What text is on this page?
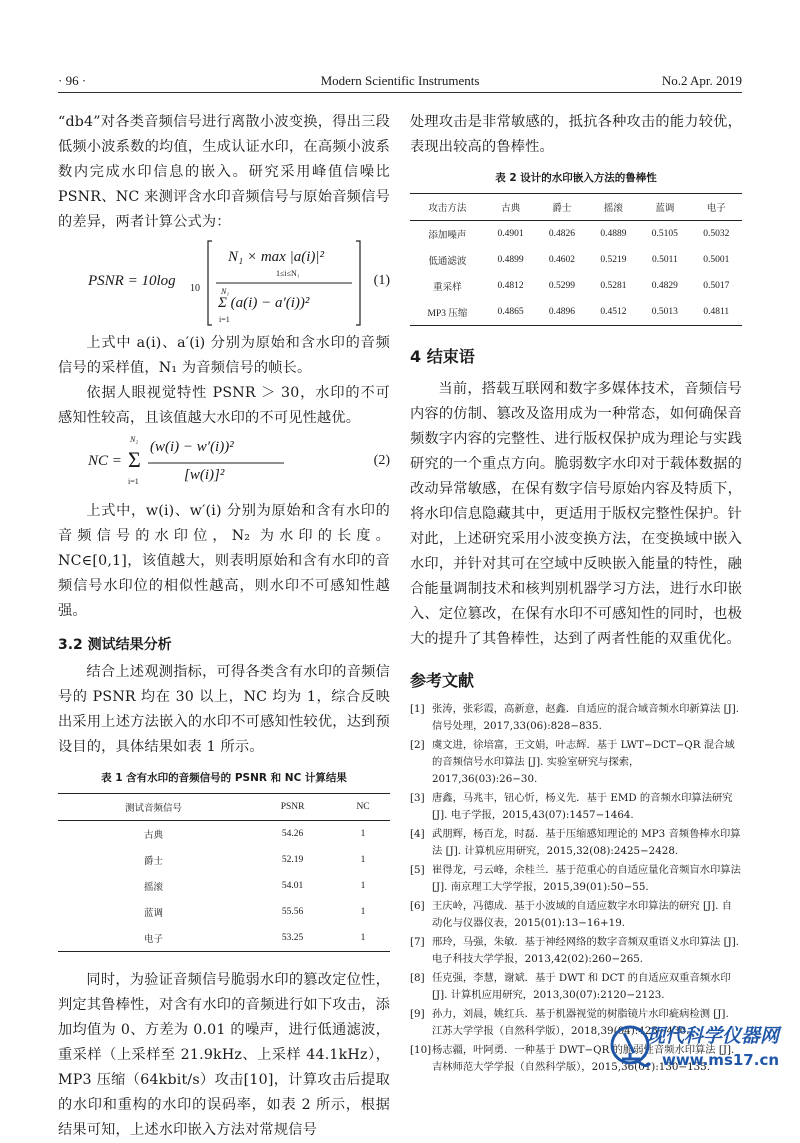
· 96 ·	Modern Scientific Instruments	No.2 Apr. 2019

“db4”对各类音频信号进行离散小波变换，得出三段低频小波系数的均值，生成认证水印，在高频小波系数内完成水印信息的嵌入。研究采用峰值信噪比 PSNR、NC 来测评含水印音频信号与原始音频信号的差异，两者计算公式为：

PSNR = 10log 10
N₁ × max |a(i)|²
1≤i≤N₁
Σ (a(i) − a′(i))²
N₁
i=1
(1)

上式中 a(i)、a′(i) 分别为原始和含水印的音频信号的采样值，N₁ 为音频信号的帧长。

依据人眼视觉特性 PSNR ＞ 30，水印的不可感知性较高，且该值越大水印的不可见性越优。

NC = Σ
N₂
i=1
(w(i) − w′(i))²
[w(i)]²
(2)

上式中，w(i)、w′(i) 分别为原始和含有水印的音频信号的水印位，N₂ 为水印的长度。NC∈[0,1]，该值越大，则表明原始和含有水印的音频信号水印位的相似性越高，则水印不可感知性越强。

3.2 测试结果分析

结合上述观测指标，可得各类含有水印的音频信号的 PSNR 均在 30 以上，NC 均为 1，综合反映出采用上述方法嵌入的水印不可感知性较优，达到预设目的，具体结果如表 1 所示。

表 1 含有水印的音频信号的 PSNR 和 NC 计算结果
测试音频信号	PSNR	NC
古典	54.26	1
爵士	52.19	1
摇滚	54.01	1
蓝调	55.56	1
电子	53.25	1

同时，为验证音频信号脆弱水印的篡改定位性，判定其鲁棒性，对含有水印的音频进行如下攻击，添加均值为 0、方差为 0.01 的噪声，进行低通滤波，重采样（上采样至 21.9kHz、上采样 44.1kHz），MP3 压缩（64kbit/s）攻击[10]，计算攻击后提取的水印和重构的水印的误码率，如表 2 所示，根据结果可知，上述水印嵌入方法对常规信号

处理攻击是非常敏感的，抵抗各种攻击的能力较优，表现出较高的鲁棒性。

表 2 设计的水印嵌入方法的鲁棒性
攻击方法	古典	爵士	摇滚	蓝调	电子
添加噪声	0.4901	0.4826	0.4889	0.5105	0.5032
低通滤波	0.4899	0.4602	0.5219	0.5011	0.5001
重采样	0.4812	0.5299	0.5281	0.4829	0.5017
MP3 压缩	0.4865	0.4896	0.4512	0.5013	0.4811
4 结束语

当前，搭载互联网和数字多媒体技术，音频信号内容的仿制、篡改及盗用成为一种常态，如何确保音频数字内容的完整性、进行版权保护成为理论与实践研究的一个重点方向。脆弱数字水印对于载体数据的改动异常敏感，在保有数字信号原始内容及特质下，将水印信息隐藏其中，更适用于版权完整性保护。针对此，上述研究采用小波变换方法，在变换域中嵌入水印，并针对其可在空域中反映嵌入能量的特性，融合能量调制技术和核判别机器学习方法，进行水印嵌入、定位篡改，在保有水印不可感知性的同时，也极大的提升了其鲁棒性，达到了两者性能的双重优化。

参考文献
[1] 张涛，张彩霞，高新意，赵鑫．自适应的混合域音频水印新算法 [J]. 信号处理，2017,33(06):828−835.
[2] 虞文进，徐培富，王文娟，叶志辉．基于 LWT−DCT−QR 混合域的音频信号水印算法 [J]. 实验室研究与探索，2017,36(03):26−30.
[3] 唐鑫，马兆丰，钮心忻，杨义先．基于 EMD 的音频水印算法研究 [J]. 电子学报，2015,43(07):1457−1464.
[4] 武朋辉，杨百龙，时磊．基于压缩感知理论的 MP3 音频鲁棒水印算法 [J]. 计算机应用研究，2015,32(08):2425−2428.
[5] 崔得龙，弓云峰，余桂兰．基于范重心的自适应量化音频盲水印算法 [J]. 南京理工大学学报，2015,39(01):50−55.
[6] 王庆岭，冯德成．基于小波域的自适应数字水印算法的研究 [J]. 自动化与仪器仪表，2015(01):13−16+19.
[7] 邢玲，马强，朱敏．基于神经网络的数字音频双重语义水印算法 [J]. 电子科技大学学报，2013,42(02):260−265.
[8] 任克强，李慧，谢斌．基于 DWT 和 DCT 的自适应双重音频水印 [J]. 计算机应用研究，2013,30(07):2120−2123.
[9] 孙力，刘晨，姚红兵．基于机器视觉的树脂镜片水印疵病检测 [J]. 江苏大学学报（自然科学版），2018,39(04):425−430.
[10] 杨志疆，叶阿勇．一种基于 DWT−QR 的脆弱性音频水印算法 [J]. 吉林师范大学学报（自然科学版），2015,36(01):130−135.
现代科学仪器网
www.ms17.cn
